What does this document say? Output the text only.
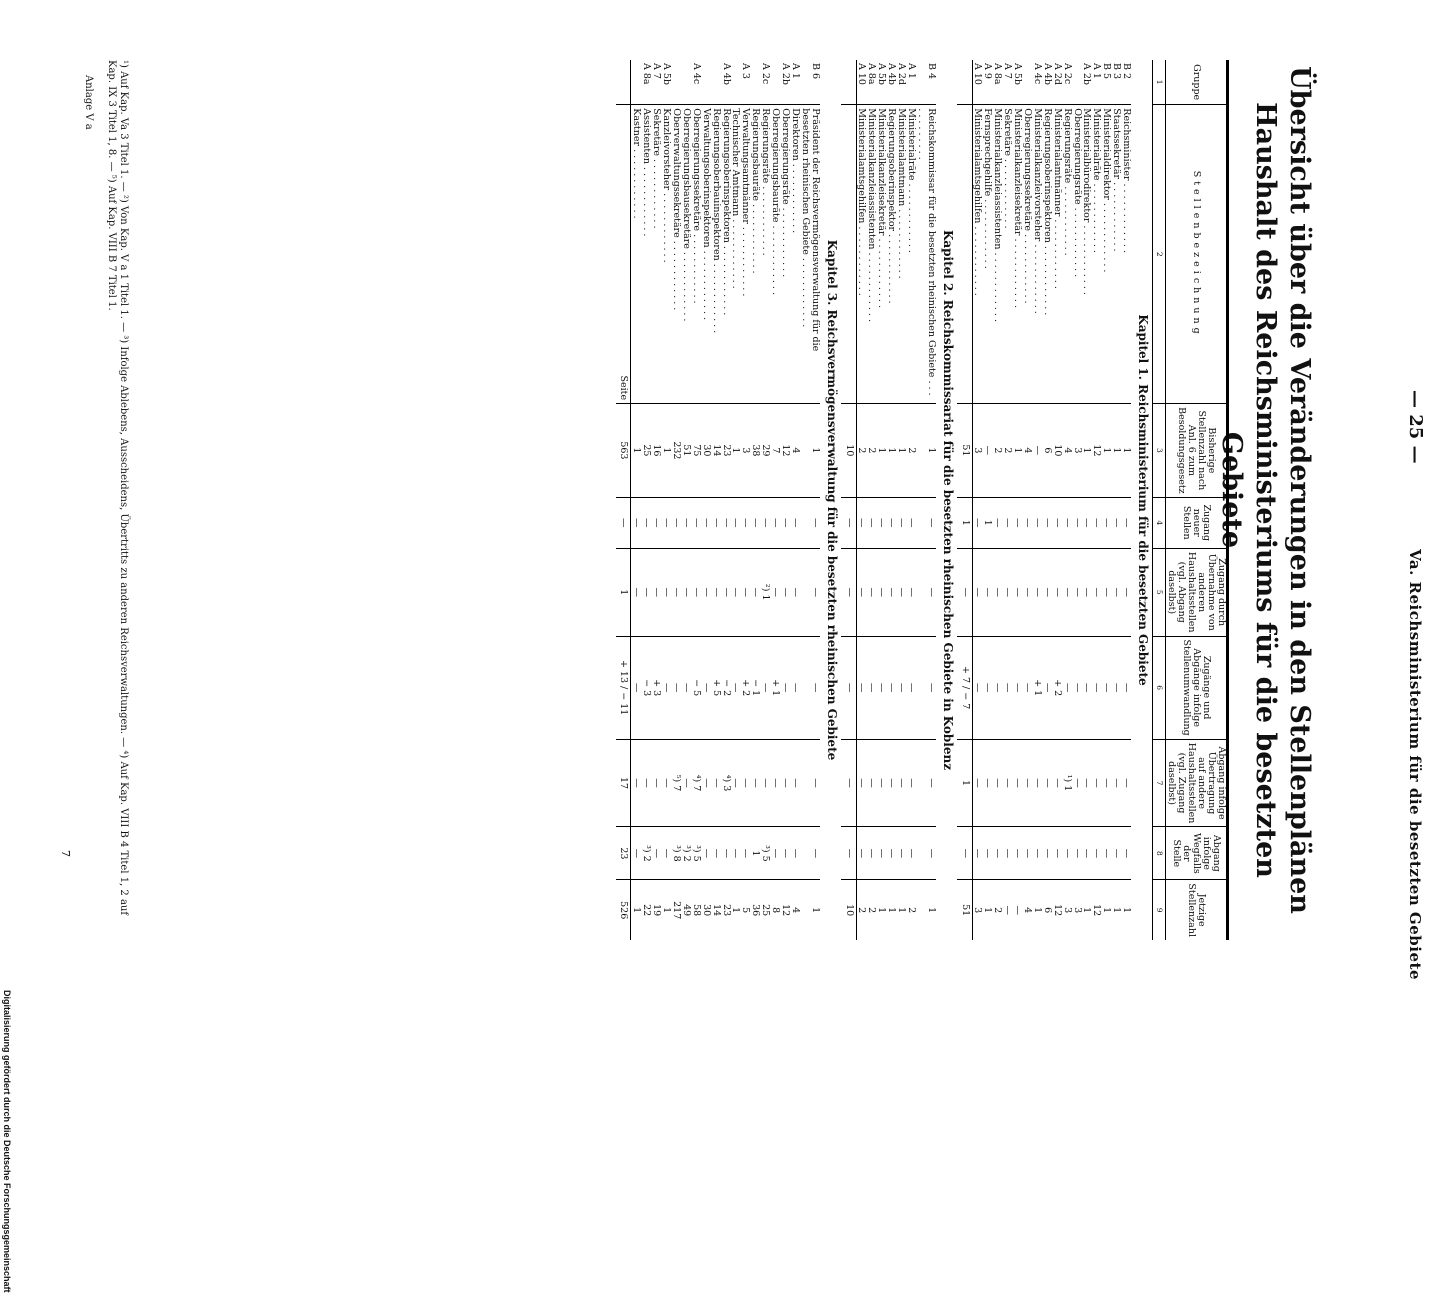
— 25 —
Va. Reichsministerium für die besetzten Gebiete
Übersicht über die Veränderungen in den Stellenplänen
Haushalt des Reichsministeriums für die besetzten Gebiete
Gruppe	Stellenbezeichnung	Bisherige Stellenzahl nach Anl. 6 zum Besoldungsgesetz	Zugang neuer Stellen	Zugang durch Übernahme von anderen Haushaltsstellen (vgl. Abgang daselbst)	Zugänge und Abgänge infolge Stellenumwandlung	Abgang infolge Übertragung auf andere Haushaltsstellen (vgl. Zugang daselbst)	Abgang infolge Wegfalls der Stelle	Jetzige Stellenzahl
1	2	3	4	5	6	7	8	9
Kapitel 1. Reichsministerium für die besetzten Gebiete								
B 2	Reichsminister . . . . . . . . . . . .	1	—	—	—	—	—	1
B 3	Staatssekretär . . . . . . . . . . . .	1	—	—	—	—	—	1
B 5	Ministerialdirektor . . . . . . . . . . . .	1	—	—	—	—	—	1
A 1	Ministerialräte . . . . . . . . . . . .	12	—	—	—	—	—	12
A 2b	Ministerialbürodirektor . . . . . . . . . . . .	1	—	—	—	—	—	1
	Oberregierungsräte . . . . . . . . . . . .	3	—	—	—	—	—	3
A 2c	Regierungsräte . . . . . . . . . . . .	4	—	—	—	¹) 1	—	3
A 2d	Ministerialamtmänner . . . . . . . . . . . .	10	—	—	+ 2	—	—	12
A 4b	Regierungsoberinspektoren . . . . . . . . . . . .	6	—	—	—	—	—	6
A 4c	Ministerialkanzleivorsteher . . . . . . . . . . . .	—	—	—	+ 1	—	—	1
	Oberregierungssekretäre . . . . . . . . . . . .	4	—	—	—	—	—	4
A 5b	Ministerialkanzleisekretär . . . . . . . . . . . .	1	—	—	—	—	—	—
A 7	Sekretäre . . . . . . . . . . . .	2	—	—	—	—	—	—
A 8a	Ministerialkanzleiassistenten . . . . . . . . . . . .	2	—	—	—	—	—	2
A 9	Fernsprechgehilfe . . . . . . . . . . . .	—	1	—	—	—	—	1
A 10	Ministerialamtsgehilfen . . . . . . . . . . . .	3	—	—	—	—	—	3
		51	1	—	+ 7 / − 7	1	—	51
Kapitel 2. Reichskommissariat für die besetzten rheinischen Gebiete in Koblenz								
B 4	Reichskommissar für die besetzten rheinischen Gebiete . . . . . . . . . . . .	1	—	—	—	—	—	1
A 1	Ministerialräte . . . . . . . . . . . .	2	—	—	—	—	—	2
A 2d	Ministerialamtmann . . . . . . . . . . . .	1	—	—	—	—	—	1
A 4b	Regierungsoberinspektor . . . . . . . . . . . .	1	—	—	—	—	—	1
A 5b	Ministerialkanzleisekretär . . . . . . . . . . . .	1	—	—	—	—	—	1
A 8a	Ministerialkanzleiassistenten . . . . . . . . . . . .	2	—	—	—	—	—	2
A 10	Ministerialamtsgehilfen . . . . . . . . . . . .	2	—	—	—	—	—	2
		10	—	—	—	—	—	10
Kapitel 3. Reichsvermögensverwaltung für die besetzten rheinischen Gebiete								
B 6	Präsident der Reichsvermögensverwaltung für die besetzten rheinischen Gebiete . . . . . . . . . . . .	1	—	—	—	—	—	1
A 1	Direktoren . . . . . . . . . . . .	4	—	—	—	—	—	4
A 2b	Oberregierungsräte . . . . . . . . . . . .	12	—	—	—	—	—	12
	Oberregierungsbauräte . . . . . . . . . . . .	7	—	—	+ 1	—	—	8
A 2c	Regierungsräte . . . . . . . . . . . .	29	—	²) 1	—	—	³) 5	25
	Regierungsbauräte . . . . . . . . . . . .	38	—	—	− 1	—	1	36
A 3	Verwaltungsamtmänner . . . . . . . . . . . .	3	—	—	+ 2	—	—	5
	Technischer Amtmann . . . . . . . . . . . .	1	—	—	—	—	—	1
A 4b	Regierungsoberinspektoren . . . . . . . . . . . .	23	—	—	− 2	⁴) 3	—	23
	Regierungsoberbauinspektoren . . . . . . . . . . . .	14	—	—	+ 5	—	—	14
	Verwaltungsoberinspektoren . . . . . . . . . . . .	30	—	—	—	—	—	30
A 4c	Oberregierungssekretäre . . . . . . . . . . . .	75	—	—	− 5	⁴) 7	³) 5	58
	Oberregierungsbausekretäre . . . . . . . . . . . .	51	—	—	—	—	³) 2	49
	Oberverwaltungssekretäre . . . . . . . . . . . .	232	—	—	—	⁵) 7	³) 8	217
A 5b	Kanzleivorsteher . . . . . . . . . . . .	1	—	—	—	—	—	1
A 7	Sekretäre . . . . . . . . . . . .	16	—	—	+ 3	—	—	19
A 8a	Assistenten . . . . . . . . . . . .	25	—	—	− 3	—	³) 2	22
	Kastner . . . . . . . . . . . .	1	—	—	—	—	—	1
	Seite	563	—	1	+ 13 / − 11	17	23	526
¹) Auf Kap. Va 3 Titel 1. — ²) Von Kap. V a 1 Titel 1. — ³) Infolge Ablebens, Ausscheidens, Übertritts zu anderen Reichsverwaltungen. — ⁴) Auf Kap. VIII B 4 Titel 1, 2 auf Kap. IX 3 Titel 1, 8. — ⁵) Auf Kap. VIII B 7 Titel 1.
Anlage V a
7
Digitalisierung gefördert durch die Deutsche Forschungsgemeinschaft
